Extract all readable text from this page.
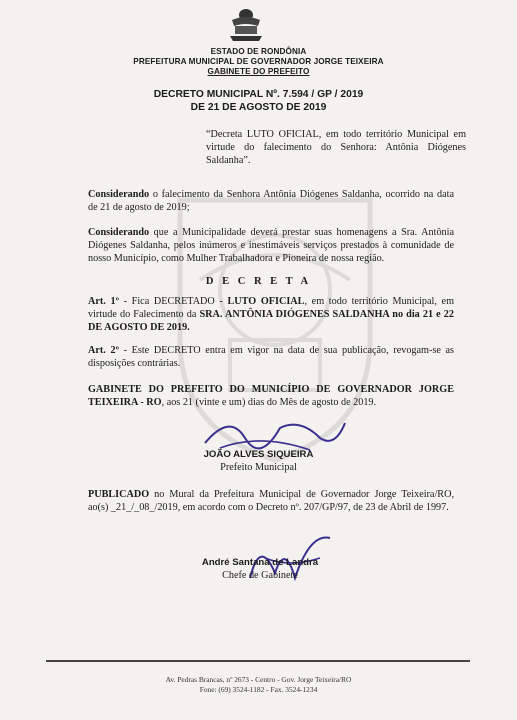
ESTADO DE RONDÔNIA
PREFEITURA MUNICIPAL DE GOVERNADOR JORGE TEIXEIRA
GABINETE DO PREFEITO
DECRETO MUNICIPAL Nº. 7.594 / GP / 2019
DE 21 DE AGOSTO DE 2019
“Decreta LUTO OFICIAL, em todo território Municipal em virtude do falecimento do Senhora: Antônia Diógenes Saldanha”.
Considerando o falecimento da Senhora Antônia Diógenes Saldanha, ocorrido na data de 21 de agosto de 2019;
Considerando que a Municipalidade deverá prestar suas homenagens a Sra. Antônia Diógenes Saldanha, pelos inúmeros e inestimáveis serviços prestados à comunidade de nosso Município, como Mulher Trabalhadora e Pioneira de nossa região.
D E C R E T A
Art. 1º - Fica DECRETADO - LUTO OFICIAL, em todo território Municipal, em virtude do Falecimento da SRA. ANTÔNIA DIÓGENES SALDANHA no dia 21 e 22 DE AGOSTO DE 2019.
Art. 2º - Este DECRETO entra em vigor na data de sua publicação, revogam-se as disposições contrárias.
GABINETE DO PREFEITO DO MUNICÍPIO DE GOVERNADOR JORGE TEIXEIRA - RO, aos 21 (vinte e um) dias do Mês de agosto de 2019.
JOÃO ALVES SIQUEIRA
Prefeito Municipal
PUBLICADO no Mural da Prefeitura Municipal de Governador Jorge Teixeira/RO, ao(s) _21_/_08_/2019, em acordo com o Decreto nº. 207/GP/97, de 23 de Abril de 1997.
André Santana de Landra
Chefe de Gabinete
Av. Pedras Brancas, nº 2673 - Centro - Gov. Jorge Teixeira/RO
Fone: (69) 3524-1182 - Fax. 3524-1234
